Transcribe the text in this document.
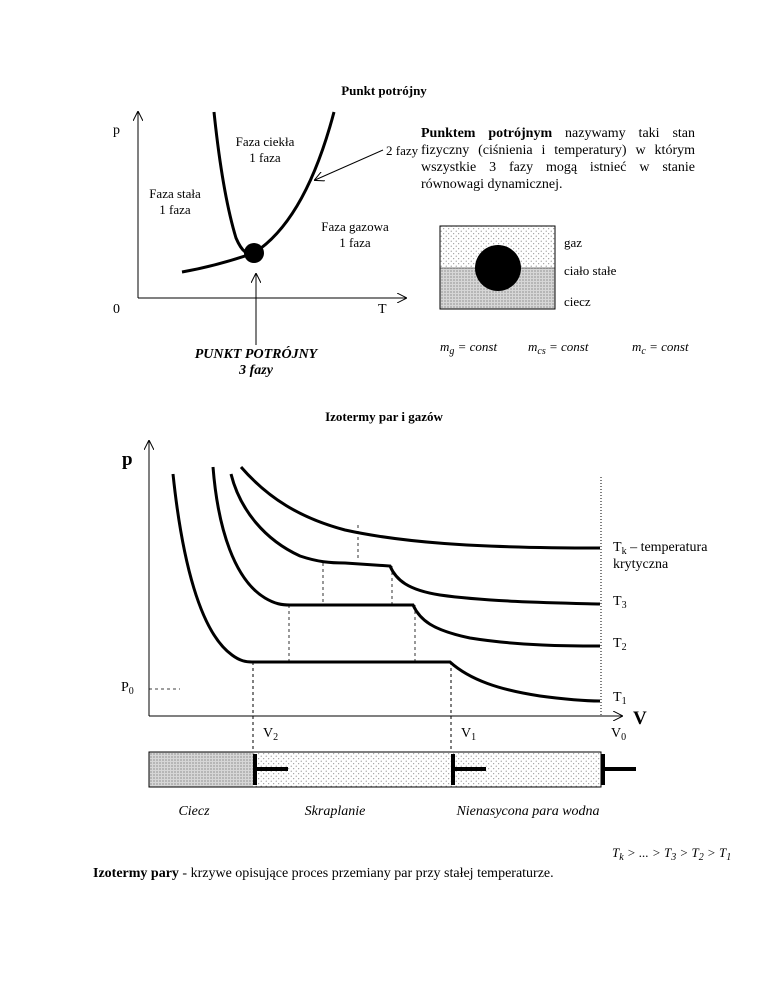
Punkt potrójny
p
T
0
Faza ciekła
1 faza
Faza stała
1 faza
Faza gazowa
1 faza
2 fazy
PUNKT POTRÓJNY
3 fazy
Punktem potrójnym nazywamy taki stan fizyczny (ciśnienia i temperatury) w którym wszystkie 3 fazy mogą istnieć w stanie równowagi dynamicznej.
gaz
ciało stałe
ciecz
$m_g$ = const $m_{cs}$ = const	$m_c$ = const
Izotermy par i gazów
p
V
$P_0$
$T_k$ – temperatura
krytyczna
$T_3$
$T_2$
$T_1$
$V_2$	$V_1$	$V_0$
Ciecz	Skraplanie	Nienasycona para wodna
$T_k$ > ... > $T_3 > T_2 > T_1$
Izotermy pary - krzywe opisujące proces przemiany par przy stałej temperaturze.
